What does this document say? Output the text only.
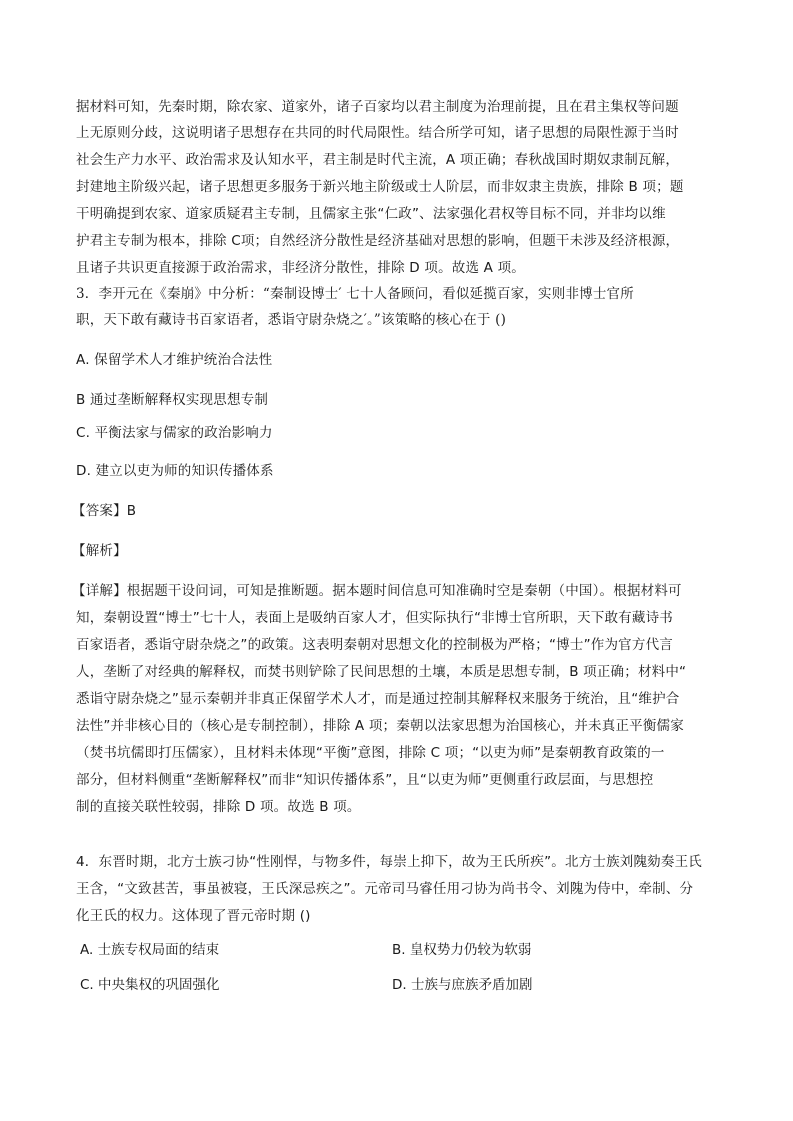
据材料可知，先秦时期，除农家、道家外，诸子百家均以君主制度为治理前提，且在君主集权等问题
上无原则分歧，这说明诸子思想存在共同的时代局限性。结合所学可知，诸子思想的局限性源于当时
社会生产力水平、政治需求及认知水平，君主制是时代主流，A 项正确；春秋战国时期奴隶制瓦解，
封建地主阶级兴起，诸子思想更多服务于新兴地主阶级或士人阶层，而非奴隶主贵族，排除 B 项；题
干明确提到农家、道家质疑君主专制，且儒家主张“仁政”、法家强化君权等目标不同，并非均以维
护君主专制为根本，排除 C项；自然经济分散性是经济基础对思想的影响，但题干未涉及经济根源，
且诸子共识更直接源于政治需求，非经济分散性，排除 D 项。故选 A 项。
3．李开元在《秦崩》中分析：“秦制设博士′ 七十人备顾问，看似延揽百家，实则非博士官所
职，天下敢有藏诗书百家语者，悉诣守尉杂烧之′。”该策略的核心在于 ()
A. 保留学术人才维护统治合法性
B 通过垄断解释权实现思想专制
C. 平衡法家与儒家的政治影响力
D. 建立以吏为师的知识传播体系
【答案】B
【解析】
【详解】根据题干设问词，可知是推断题。据本题时间信息可知准确时空是秦朝（中国）。根据材料可
知，秦朝设置“博士”七十人，表面上是吸纳百家人才，但实际执行“非博士官所职，天下敢有藏诗书
百家语者，悉诣守尉杂烧之”的政策。这表明秦朝对思想文化的控制极为严格；“博士”作为官方代言
人，垄断了对经典的解释权，而焚书则铲除了民间思想的土壤，本质是思想专制，B 项正确；材料中“
悉诣守尉杂烧之”显示秦朝并非真正保留学术人才，而是通过控制其解释权来服务于统治，且“维护合
法性”并非核心目的（核心是专制控制），排除 A 项；秦朝以法家思想为治国核心，并未真正平衡儒家
（焚书坑儒即打压儒家），且材料未体现“平衡”意图，排除 C 项；“以吏为师”是秦朝教育政策的一
部分，但材料侧重“垄断解释权”而非“知识传播体系”，且“以吏为师”更侧重行政层面，与思想控
制的直接关联性较弱，排除 D 项。故选 B 项。
4．东晋时期，北方士族刁协“性刚悍，与物多件，每崇上抑下，故为王氏所疾”。北方士族刘隗劾奏王氏
王含，“文致甚苦，事虽被寝，王氏深忌疾之”。元帝司马睿任用刁协为尚书令、刘隗为侍中，牵制、分
化王氏的权力。这体现了晋元帝时期 ()
A. 士族专权局面的结束	B. 皇权势力仍较为软弱
C. 中央集权的巩固强化	D. 士族与庶族矛盾加剧
